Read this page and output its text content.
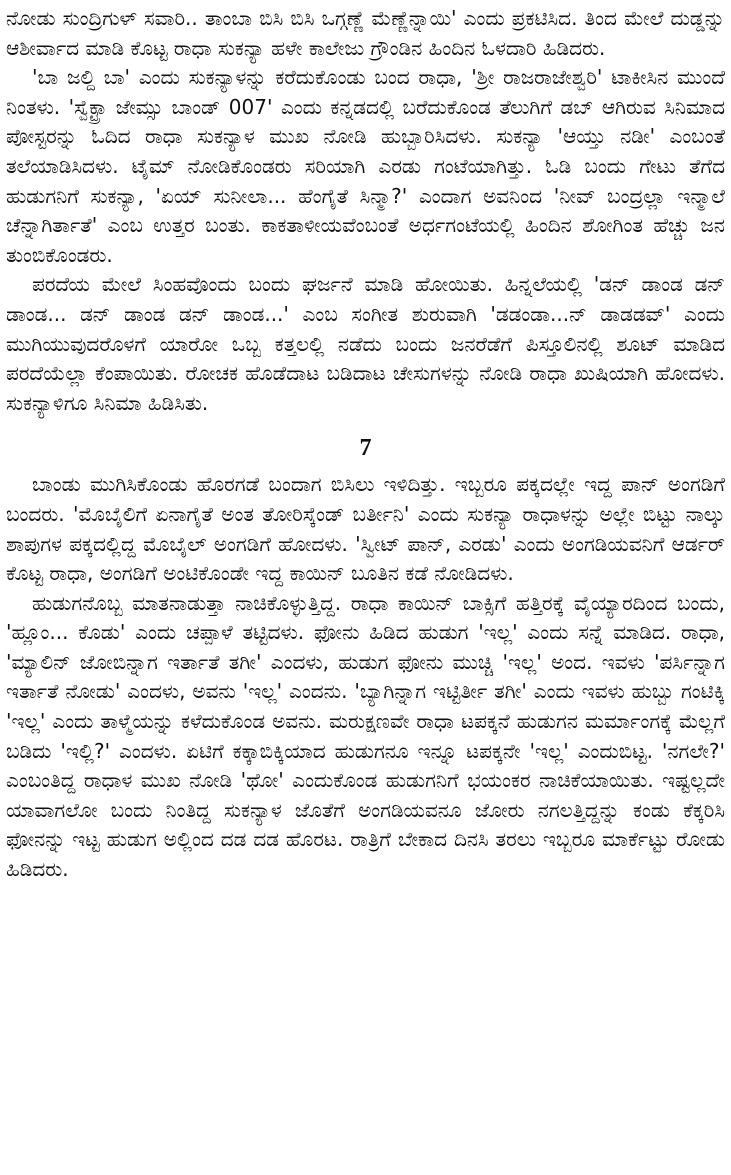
ನೋಡು ಸುಂದ್ರಿಗುಳ್ ಸವಾರಿ.. ತಾಂಬಾ ಬಿಸಿ ಬಿಸಿ ಒಗ್ಗಣ್ಣೆ ಮೆಣ್ಣೆನ್ನಾಯಿ' ಎಂದು ಪ್ರಕಟಿಸಿದ. ತಿಂದ ಮೇಲೆ ದುಡ್ಡನ್ನು ಆಶೀರ್ವಾದ ಮಾಡಿ ಕೊಟ್ಟ ರಾಧಾ ಸುಕನ್ಯಾ ಹಳೇ ಕಾಲೇಜು ಗ್ರೌಂಡಿನ ಹಿಂದಿನ ಓಳದಾರಿ ಹಿಡಿದರು.

'ಬಾ ಜಲ್ದಿ ಬಾ' ಎಂದು ಸುಕನ್ಯಾಳನ್ನು ಕರೆದುಕೊಂಡು ಬಂದ ರಾಧಾ, 'ಶ್ರೀ ರಾಜರಾಜೇಶ್ವರಿ' ಟಾಕೀಸಿನ ಮುಂದೆ ನಿಂತಳು. 'ಸ್ವೆಕ್ಟ್ರಾ ಜೇಮ್ಸು ಬಾಂಡ್ 007' ಎಂದು ಕನ್ನಡದಲ್ಲಿ ಬರೆದುಕೊಂಡ ತೆಲುಗಿಗೆ ಡಬ್ ಆಗಿರುವ ಸಿನಿಮಾದ ಪೋಸ್ಟರನ್ನು ಓದಿದ ರಾಧಾ ಸುಕನ್ಯಾಳ ಮುಖ ನೋಡಿ ಹುಬ್ಬಾರಿಸಿದಳು. ಸುಕನ್ಯಾ 'ಆಯ್ತು ನಡೀ' ಎಂಬಂತೆ ತಲೆಯಾಡಿಸಿದಳು. ಟೈಮ್ ನೋಡಿಕೊಂಡರು ಸರಿಯಾಗಿ ಎರಡು ಗಂಟೆಯಾಗಿತ್ತು. ಓಡಿ ಬಂದು ಗೇಟು ತೆಗೆದ ಹುಡುಗನಿಗೆ ಸುಕನ್ಯಾ, 'ಏಯ್ ಸುನೀಲಾ... ಹೆಂಗೈತೆ ಸಿನ್ಮಾ?' ಎಂದಾಗ ಅವನಿಂದ 'ನೀವ್ ಬಂದ್ರಲ್ಲಾ ಇನ್ಮಾಲೆ ಚೆನ್ನಾಗಿರ್ತಾತೆ' ಎಂಬ ಉತ್ತರ ಬಂತು. ಕಾಕತಾಳೀಯವೆಂಬಂತೆ ಅರ್ಧಗಂಟೆಯಲ್ಲಿ ಹಿಂದಿನ ಶೋಗಿಂತ ಹೆಚ್ಚು ಜನ ತುಂಬಿಕೊಂಡರು.

ಪರದೆಯ ಮೇಲೆ ಸಿಂಹವೊಂದು ಬಂದು ಘರ್ಜನೆ ಮಾಡಿ ಹೋಯಿತು. ಹಿನ್ನಲೆಯಲ್ಲಿ 'ಡನ್ ಡಾಂಡ ಡನ್ ಡಾಂಡ... ಡನ್ ಡಾಂಡ ಡನ್ ಡಾಂಡ...' ಎಂಬ ಸಂಗೀತ ಶುರುವಾಗಿ 'ಡಡಂಡಾ...ನ್ ಡಾಡಡವ್' ಎಂದು ಮುಗಿಯುವುದರೊಳಗೆ ಯಾರೋ ಒಬ್ಬ ಕತ್ತಲಲ್ಲಿ ನಡೆದು ಬಂದು ಜನರೆಡೆಗೆ ಪಿಸ್ತೂಲಿನಲ್ಲಿ ಶೂಟ್ ಮಾಡಿದ ಪರದೆಯೆಲ್ಲಾ ಕೆಂಪಾಯಿತು. ರೋಚಕ ಹೊಡೆದಾಟ ಬಡಿದಾಟ ಚೇಸುಗಳನ್ನು ನೋಡಿ ರಾಧಾ ಖುಷಿಯಾಗಿ ಹೋದಳು. ಸುಕನ್ಯಾಳಿಗೂ ಸಿನಿಮಾ ಹಿಡಿಸಿತು.

7

ಬಾಂಡು ಮುಗಿಸಿಕೊಂಡು ಹೊರಗಡೆ ಬಂದಾಗ ಬಿಸಿಲು ಇಳಿದಿತ್ತು. ಇಬ್ಬರೂ ಪಕ್ಕದಲ್ಲೇ ಇದ್ದ ಪಾನ್ ಅಂಗಡಿಗೆ ಬಂದರು. 'ಮೊಬೈಲಿಗೆ ಏನಾಗೈತೆ ಅಂತ ತೋರಿಸ್ಕೆಂಡ್ ಬರ್ತೀನಿ' ಎಂದು ಸುಕನ್ಯಾ ರಾಧಾಳನ್ನು ಅಲ್ಲೇ ಬಿಟ್ಟು ನಾಲ್ಕು ಶಾಪುಗಳ ಪಕ್ಕದಲ್ಲಿದ್ದ ಮೊಬೈಲ್ ಅಂಗಡಿಗೆ ಹೋದಳು. 'ಸ್ವೀಟ್ ಪಾನ್, ಎರಡು' ಎಂದು ಅಂಗಡಿಯವನಿಗೆ ಆರ್ಡರ್ ಕೊಟ್ಟ ರಾಧಾ, ಅಂಗಡಿಗೆ ಅಂಟಿಕೊಂಡೇ ಇದ್ದ ಕಾಯಿನ್ ಬೂತಿನ ಕಡೆ ನೋಡಿದಳು.

ಹುಡುಗನೊಬ್ಬ ಮಾತನಾಡುತ್ತಾ ನಾಚಿಕೊಳ್ಳುತ್ತಿದ್ದ. ರಾಧಾ ಕಾಯಿನ್ ಬಾಕ್ಸಿಗೆ ಹತ್ತಿರಕ್ಕೆ ವೈಯ್ಯಾರದಿಂದ ಬಂದು, 'ಹ್ಲೂಂ... ಕೊಡು' ಎಂದು ಚಪ್ಪಾಳೆ ತಟ್ಟಿದಳು. ಫೋನು ಹಿಡಿದ ಹುಡುಗ 'ಇಲ್ಲ' ಎಂದು ಸನ್ನೆ ಮಾಡಿದ. ರಾಧಾ, 'ಮ್ಯಾಲಿನ್ ಜೋಬಿನ್ನಾಗ ಇರ್ತಾತೆ ತಗೀ' ಎಂದಳು, ಹುಡುಗ ಫೋನು ಮುಚ್ಚಿ 'ಇಲ್ಲ' ಅಂದ. ಇವಳು 'ಪರ್ಸಿನ್ನಾಗ ಇರ್ತಾತೆ ನೋಡು' ಎಂದಳು, ಅವನು 'ಇಲ್ಲ' ಎಂದನು. 'ಬ್ಯಾಗಿನ್ನಾಗ ಇಟ್ಟಿರ್ತೀ ತಗೀ' ಎಂದು ಇವಳು ಹುಬ್ಬು ಗಂಟಿಕ್ಕಿ 'ಇಲ್ಲ' ಎಂದು ತಾಳ್ಮೆಯನ್ನು ಕಳೆದುಕೊಂಡ ಅವನು. ಮರುಕ್ಷಣವೇ ರಾಧಾ ಟಪಕ್ಕನೆ ಹುಡುಗನ ಮರ್ಮಾಂಗಕ್ಕೆ ಮೆಲ್ಲಗೆ ಬಡಿದು 'ಇಲ್ಲಿ?' ಎಂದಳು. ಏಟಿಗೆ ಕಕ್ಕಾಬಿಕ್ಕಿಯಾದ ಹುಡುಗನೂ ಇನ್ನೂ ಟಪಕ್ಕನೇ 'ಇಲ್ಲ' ಎಂದುಬಿಟ್ಟ. 'ನಗಲೇ?' ಎಂಬಂತಿದ್ದ ರಾಧಾಳ ಮುಖ ನೋಡಿ 'ಥೋ' ಎಂದುಕೊಂಡ ಹುಡುಗನಿಗೆ ಭಯಂಕರ ನಾಚಿಕೆಯಾಯಿತು. ಇಷ್ಟಲ್ಲದೇ ಯಾವಾಗಲೋ ಬಂದು ನಿಂತಿದ್ದ ಸುಕನ್ಯಾಳ ಜೊತೆಗೆ ಅಂಗಡಿಯವನೂ ಜೋರು ನಗಲತ್ತಿದ್ದನ್ನು ಕಂಡು ಕೆಕ್ಕರಿಸಿ ಫೋನನ್ನು ಇಟ್ಟ ಹುಡುಗ ಅಲ್ಲಿಂದ ದಡ ದಡ ಹೊರಟ. ರಾತ್ರಿಗೆ ಬೇಕಾದ ದಿನಸಿ ತರಲು ಇಬ್ಬರೂ ಮಾರ್ಕೆಟ್ಟು ರೋಡು ಹಿಡಿದರು.
